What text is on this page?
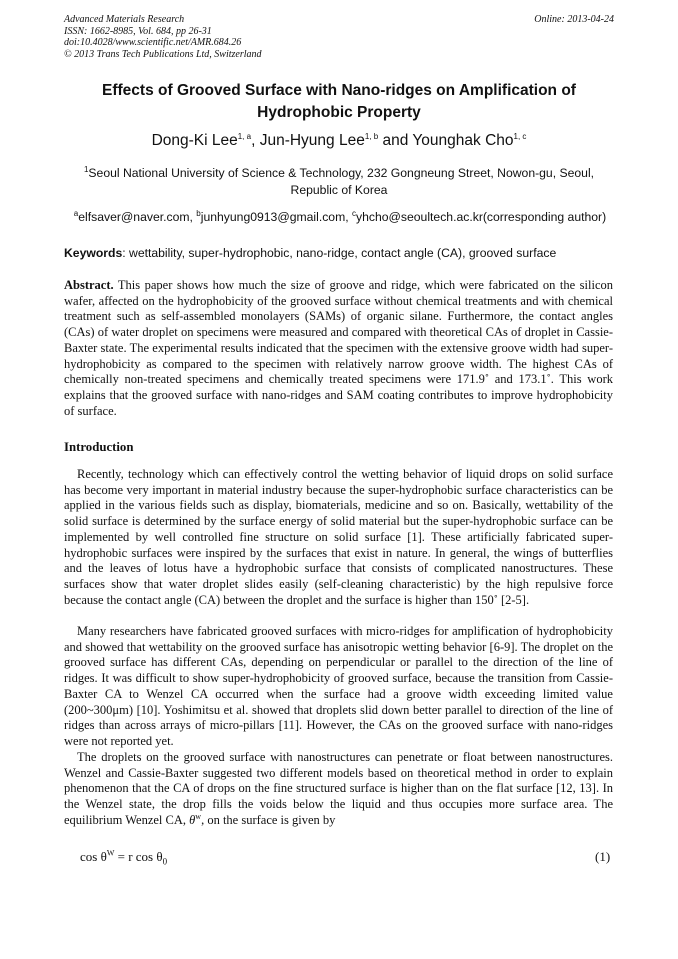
Advanced Materials Research
ISSN: 1662-8985, Vol. 684, pp 26-31
doi:10.4028/www.scientific.net/AMR.684.26
© 2013 Trans Tech Publications Ltd, Switzerland
Online: 2013-04-24
Effects of Grooved Surface with Nano-ridges on Amplification of Hydrophobic Property
Dong-Ki Lee$^{1, a}$, Jun-Hyung Lee$^{1, b}$ and Younghak Cho$^{1, c}$
$^1$Seoul National University of Science & Technology, 232 Gongneung Street, Nowon-gu, Seoul, Republic of Korea
$^a$elfsaver@naver.com, $^b$junhyung0913@gmail.com, $^c$yhcho@seoultech.ac.kr(corresponding author)
Keywords: wettability, super-hydrophobic, nano-ridge, contact angle (CA), grooved surface

Abstract. This paper shows how much the size of groove and ridge, which were fabricated on the silicon wafer, affected on the hydrophobicity of the grooved surface without chemical treatments and with chemical treatment such as self-assembled monolayers (SAMs) of organic silane. Furthermore, the contact angles (CAs) of water droplet on specimens were measured and compared with theoretical CAs of droplet in Cassie-Baxter state. The experimental results indicated that the specimen with the extensive groove width had super-hydrophobicity as compared to the specimen with relatively narrow groove width. The highest CAs of chemically non-treated specimens and chemically treated specimens were 171.9˚ and 173.1˚. This work explains that the grooved surface with nano-ridges and SAM coating contributes to improve hydrophobicity of surface.

Introduction

Recently, technology which can effectively control the wetting behavior of liquid drops on solid surface has become very important in material industry because the super-hydrophobic surface characteristics can be applied in the various fields such as display, biomaterials, medicine and so on. Basically, wettability of the solid surface is determined by the surface energy of solid material but the super-hydrophobic surface can be implemented by well controlled fine structure on solid surface [1]. These artificially fabricated super-hydrophobic surfaces were inspired by the surfaces that exist in nature. In general, the wings of butterflies and the leaves of lotus have a hydrophobic surface that consists of complicated nanostructures. These surfaces show that water droplet slides easily (self-cleaning characteristic) by the high repulsive force because the contact angle (CA) between the droplet and the surface is higher than 150˚ [2-5].

Many researchers have fabricated grooved surfaces with micro-ridges for amplification of hydrophobicity and showed that wettability on the grooved surface has anisotropic wetting behavior [6-9]. The droplet on the grooved surface has different CAs, depending on perpendicular or parallel to the direction of the line of ridges. It was difficult to show super-hydrophobicity of grooved surface, because the transition from Cassie-Baxter CA to Wenzel CA occurred when the surface had a groove width exceeding limited value (200~300μm) [10]. Yoshimitsu et al. showed that droplets slid down better parallel to direction of the line of ridges than across arrays of micro-pillars [11]. However, the CAs on the grooved surface with nano-ridges were not reported yet.

The droplets on the grooved surface with nanostructures can penetrate or float between nanostructures. Wenzel and Cassie-Baxter suggested two different models based on theoretical method in order to explain phenomenon that the CA of drops on the fine structured surface is higher than on the flat surface [12, 13]. In the Wenzel state, the drop fills the voids below the liquid and thus occupies more surface area. The equilibrium Wenzel CA, $\theta^w$, on the surface is given by

$\cos \theta^W = r$ $\cos \theta_0$	(1)
